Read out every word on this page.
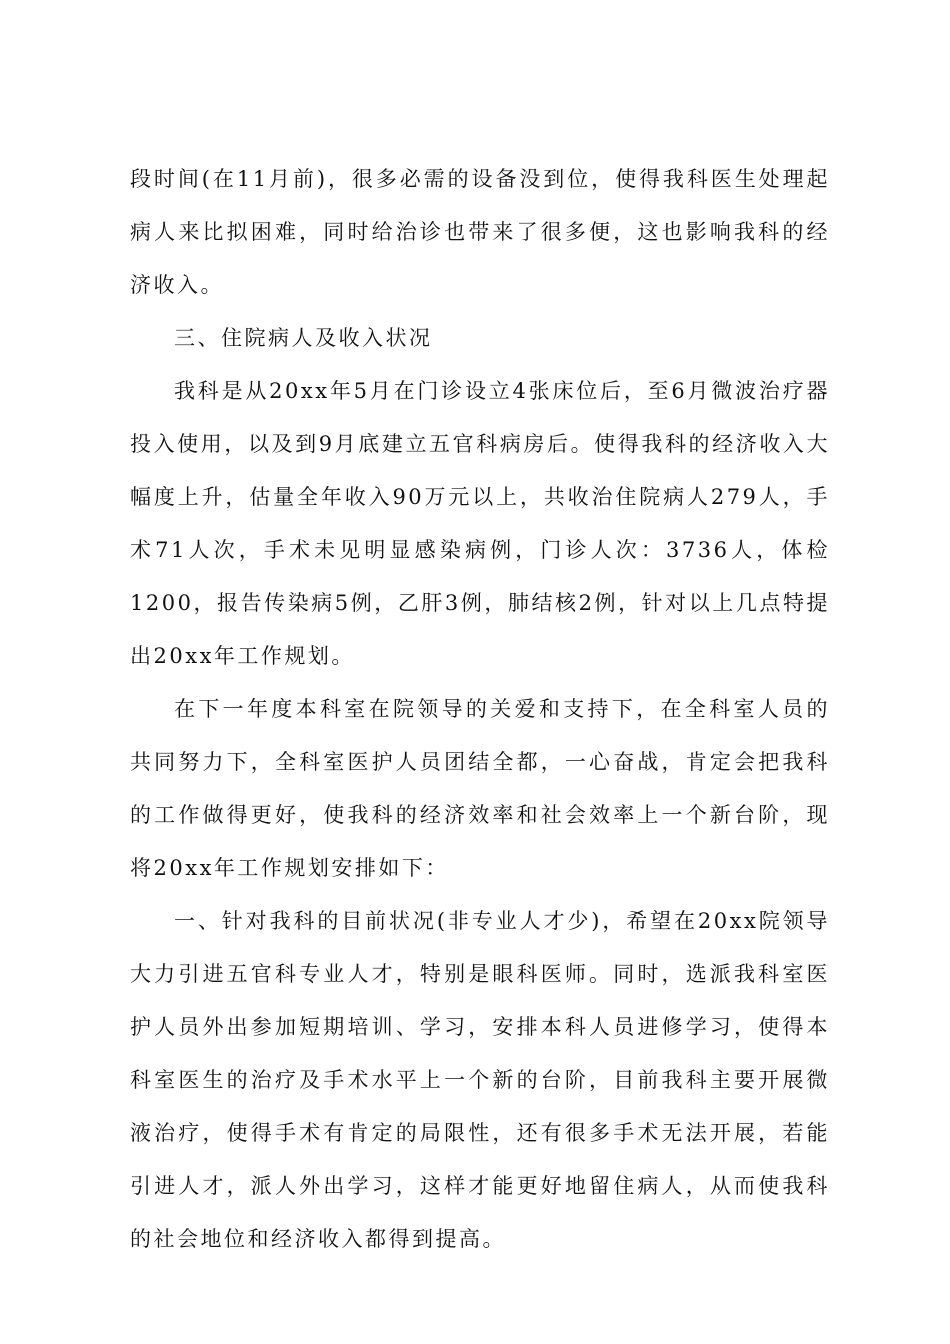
段时间(在11月前)，很多必需的设备没到位，使得我科医生处理起病人来比拟困难，同时给治诊也带来了很多便，这也影响我科的经济收入。

三、住院病人及收入状况

我科是从20xx年5月在门诊设立4张床位后，至6月微波治疗器投入使用，以及到9月底建立五官科病房后。使得我科的经济收入大幅度上升，估量全年收入90万元以上，共收治住院病人279人，手术71人次，手术未见明显感染病例，门诊人次：3736人，体检1200，报告传染病5例，乙肝3例，肺结核2例，针对以上几点特提出20xx年工作规划。

在下一年度本科室在院领导的关爱和支持下，在全科室人员的共同努力下，全科室医护人员团结全都，一心奋战，肯定会把我科的工作做得更好，使我科的经济效率和社会效率上一个新台阶，现将20xx年工作规划安排如下：

一、针对我科的目前状况(非专业人才少)，希望在20xx院领导大力引进五官科专业人才，特别是眼科医师。同时，选派我科室医护人员外出参加短期培训、学习，安排本科人员进修学习，使得本科室医生的治疗及手术水平上一个新的台阶，目前我科主要开展微液治疗，使得手术有肯定的局限性，还有很多手术无法开展，若能引进人才，派人外出学习，这样才能更好地留住病人，从而使我科的社会地位和经济收入都得到提高。
